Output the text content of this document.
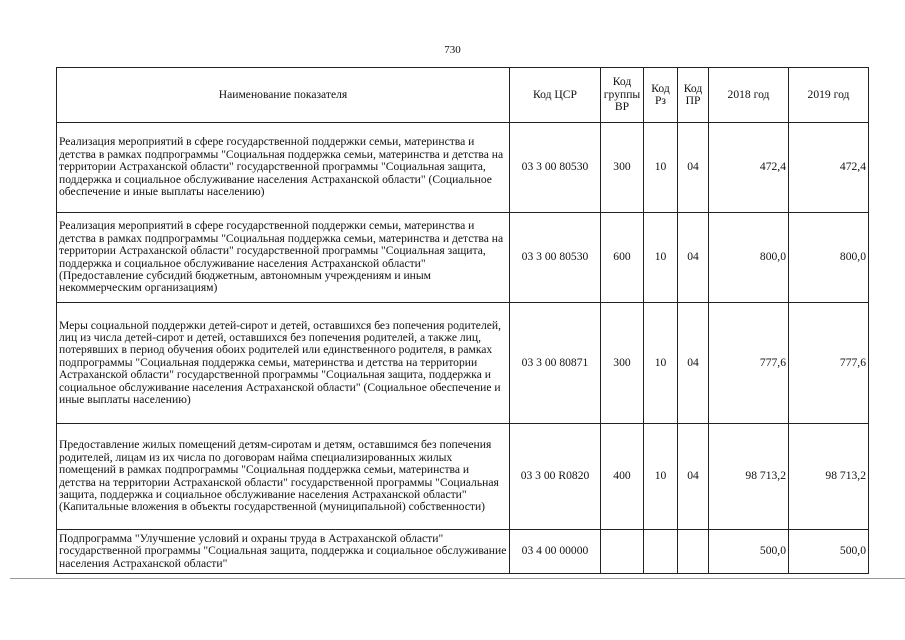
730
Наименование показателя	Код ЦСР	Код группы ВР	Код Рз	Код ПР	2018 год	2019 год
Реализация мероприятий в сфере государственной поддержки семьи, материнства и детства в рамках подпрограммы "Социальная поддержка семьи, материнства и детства на территории Астраханской области" государственной программы "Социальная защита, поддержка и социальное обслуживание населения Астраханской области" (Социальное обеспечение и иные выплаты населению)	03 3 00 80530	300	10	04	472,4	472,4
Реализация мероприятий в сфере государственной поддержки семьи, материнства и детства в рамках подпрограммы "Социальная поддержка семьи, материнства и детства на территории Астраханской области" государственной программы "Социальная защита, поддержка и социальное обслуживание населения Астраханской области" (Предоставление субсидий бюджетным, автономным учреждениям и иным некоммерческим организациям)	03 3 00 80530	600	10	04	800,0	800,0
Меры социальной поддержки детей-сирот и детей, оставшихся без попечения родителей, лиц из числа детей-сирот и детей, оставшихся без попечения родителей, а также лиц, потерявших в период обучения обоих родителей или единственного родителя, в рамках подпрограммы "Социальная поддержка семьи, материнства и детства на территории Астраханской области" государственной программы "Социальная защита, поддержка и социальное обслуживание населения Астраханской области" (Социальное обеспечение и иные выплаты населению)	03 3 00 80871	300	10	04	777,6	777,6
Предоставление жилых помещений детям-сиротам и детям, оставшимся без попечения родителей, лицам из их числа по договорам найма специализированных жилых помещений в рамках подпрограммы "Социальная поддержка семьи, материнства и детства на территории Астраханской области" государственной программы "Социальная защита, поддержка и социальное обслуживание населения Астраханской области" (Капитальные вложения в объекты государственной (муниципальной) собственности)	03 3 00 R0820	400	10	04	98 713,2	98 713,2
Подпрограмма "Улучшение условий и охраны труда в Астраханской области" государственной программы "Социальная защита, поддержка и социальное обслуживание населения Астраханской области"	03 4 00 00000				500,0	500,0
